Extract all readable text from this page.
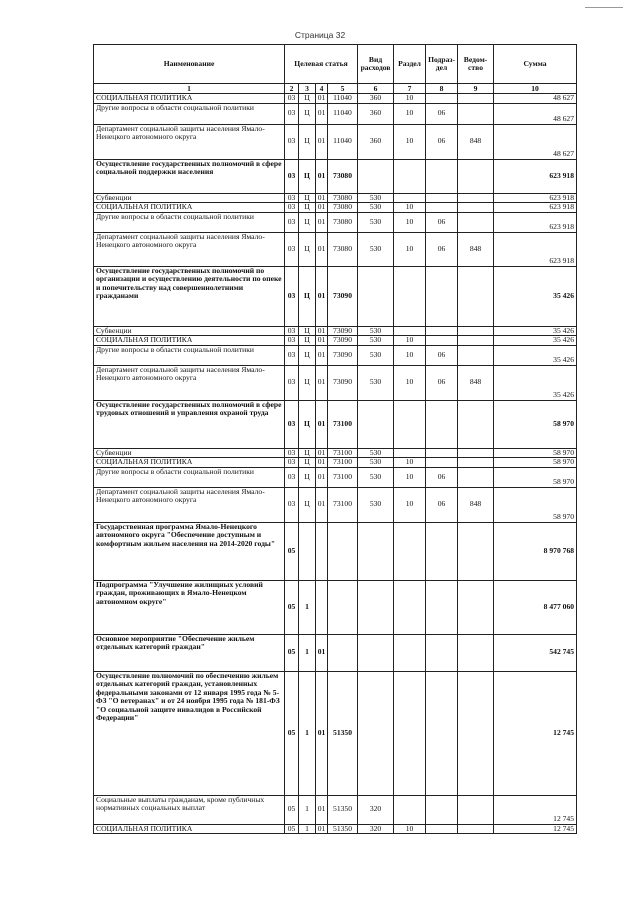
Страница 32
Наименование	Целевая статья				Вид расходов	Раздел	Подраз-дел	Ведом-ство	Сумма
1	2	3	4	5	6	7	8	9	10
СОЦИАЛЬНАЯ ПОЛИТИКА	03	Ц	01	11040	360	10			48 627
Другие вопросы в области социальной политики	03	Ц	01	11040	360	10	06		48 627
Департамент социальной защиты населения Ямало-Ненецкого автономного округа	03	Ц	01	11040	360	10	06	848	48 627
Осуществление государственных полномочий в сфере социальной поддержки населения	03	Ц	01	73080					623 918
Субвенции	03	Ц	01	73080	530				623 918
СОЦИАЛЬНАЯ ПОЛИТИКА	03	Ц	01	73080	530	10			623 918
Другие вопросы в области социальной политики	03	Ц	01	73080	530	10	06		623 918
Департамент социальной защиты населения Ямало-Ненецкого автономного округа	03	Ц	01	73080	530	10	06	848	623 918
Осуществление государственных полномочий по организации и осуществлению деятельности по опеке и попечительству над совершеннолетними гражданами	03	Ц	01	73090					35 426
Субвенции	03	Ц	01	73090	530				35 426
СОЦИАЛЬНАЯ ПОЛИТИКА	03	Ц	01	73090	530	10			35 426
Другие вопросы в области социальной политики	03	Ц	01	73090	530	10	06		35 426
Департамент социальной защиты населения Ямало-Ненецкого автономного округа	03	Ц	01	73090	530	10	06	848	35 426
Осуществление государственных полномочий в сфере трудовых отношений и управления охраной труда	03	Ц	01	73100					58 970
Субвенции	03	Ц	01	73100	530				58 970
СОЦИАЛЬНАЯ ПОЛИТИКА	03	Ц	01	73100	530	10			58 970
Другие вопросы в области социальной политики	03	Ц	01	73100	530	10	06		58 970
Департамент социальной защиты населения Ямало-Ненецкого автономного округа	03	Ц	01	73100	530	10	06	848	58 970
Государственная программа Ямало-Ненецкого автономного округа "Обеспечение доступным и комфортным жильем населения на 2014-2020 годы"	05								8 970 768
Подпрограмма "Улучшение жилищных условий граждан, проживающих в Ямало-Ненецком автономном округе"	05	1							8 477 060
Основное мероприятие "Обеспечение жильем отдельных категорий граждан"	05	1	01						542 745
Осуществление полномочий по обеспечению жильем отдельных категорий граждан, установленных федеральными законами от 12 января 1995 года № 5-ФЗ "О ветеранах" и от 24 ноября 1995 года № 181-ФЗ "О социальной защите инвалидов в Российской Федерации"	05	1	01	51350					12 745
Социальные выплаты гражданам, кроме публичных нормативных социальных выплат	05	1	01	51350	320				12 745
СОЦИАЛЬНАЯ ПОЛИТИКА	05	1	01	51350	320	10			12 745
